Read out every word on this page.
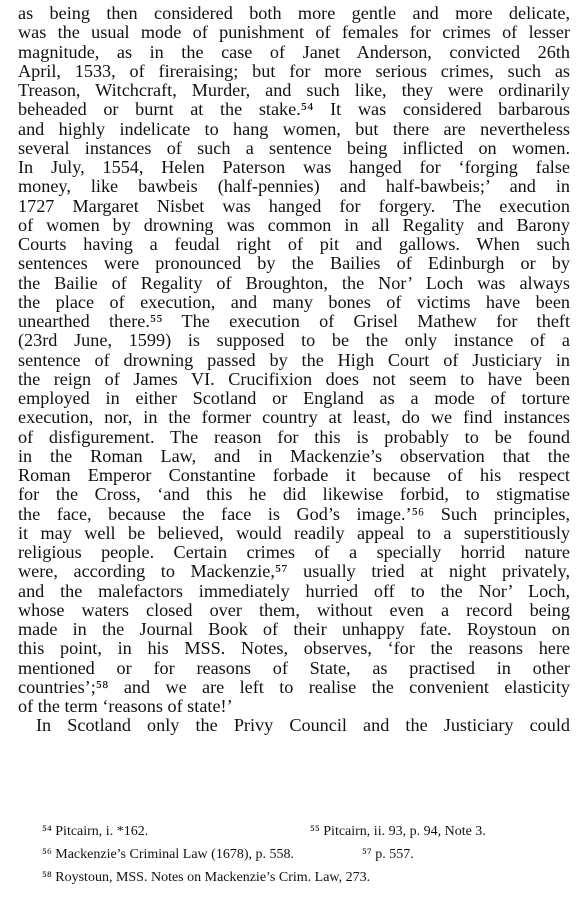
as being then considered both more gentle and more delicate,
was the usual mode of punishment of females for crimes of lesser
magnitude, as in the case of Janet Anderson, convicted 26th
April, 1533, of fireraising; but for more serious crimes, such as
Treason, Witchcraft, Murder, and such like, they were ordinarily
beheaded or burnt at the stake.⁵⁴ It was considered barbarous
and highly indelicate to hang women, but there are nevertheless
several instances of such a sentence being inflicted on women.
In July, 1554, Helen Paterson was hanged for ‘forging false
money, like bawbeis (half-pennies) and half-bawbeis;’ and in
1727 Margaret Nisbet was hanged for forgery. The execution
of women by drowning was common in all Regality and Barony
Courts having a feudal right of pit and gallows. When such
sentences were pronounced by the Bailies of Edinburgh or by
the Bailie of Regality of Broughton, the Nor’ Loch was always
the place of execution, and many bones of victims have been
unearthed there.⁵⁵ The execution of Grisel Mathew for theft
(23rd June, 1599) is supposed to be the only instance of a
sentence of drowning passed by the High Court of Justiciary in
the reign of James VI. Crucifixion does not seem to have been
employed in either Scotland or England as a mode of torture
execution, nor, in the former country at least, do we find instances
of disfigurement. The reason for this is probably to be found
in the Roman Law, and in Mackenzie’s observation that the
Roman Emperor Constantine forbade it because of his respect
for the Cross, ‘and this he did likewise forbid, to stigmatise
the face, because the face is God’s image.’⁵⁶ Such principles,
it may well be believed, would readily appeal to a superstitiously
religious people. Certain crimes of a specially horrid nature
were, according to Mackenzie,⁵⁷ usually tried at night privately,
and the malefactors immediately hurried off to the Nor’ Loch,
whose waters closed over them, without even a record being
made in the Journal Book of their unhappy fate. Roystoun on
this point, in his MSS. Notes, observes, ‘for the reasons here
mentioned or for reasons of State, as practised in other
countries’;⁵⁸ and we are left to realise the convenient elasticity
of the term ‘reasons of state!’
In Scotland only the Privy Council and the Justiciary could
⁵⁴ Pitcairn, i. *162.	⁵⁵ Pitcairn, ii. 93, p. 94, Note 3.
⁵⁶ Mackenzie’s Criminal Law (1678), p. 558.	⁵⁷ p. 557.
⁵⁸ Roystoun, MSS. Notes on Mackenzie’s Crim. Law, 273.
